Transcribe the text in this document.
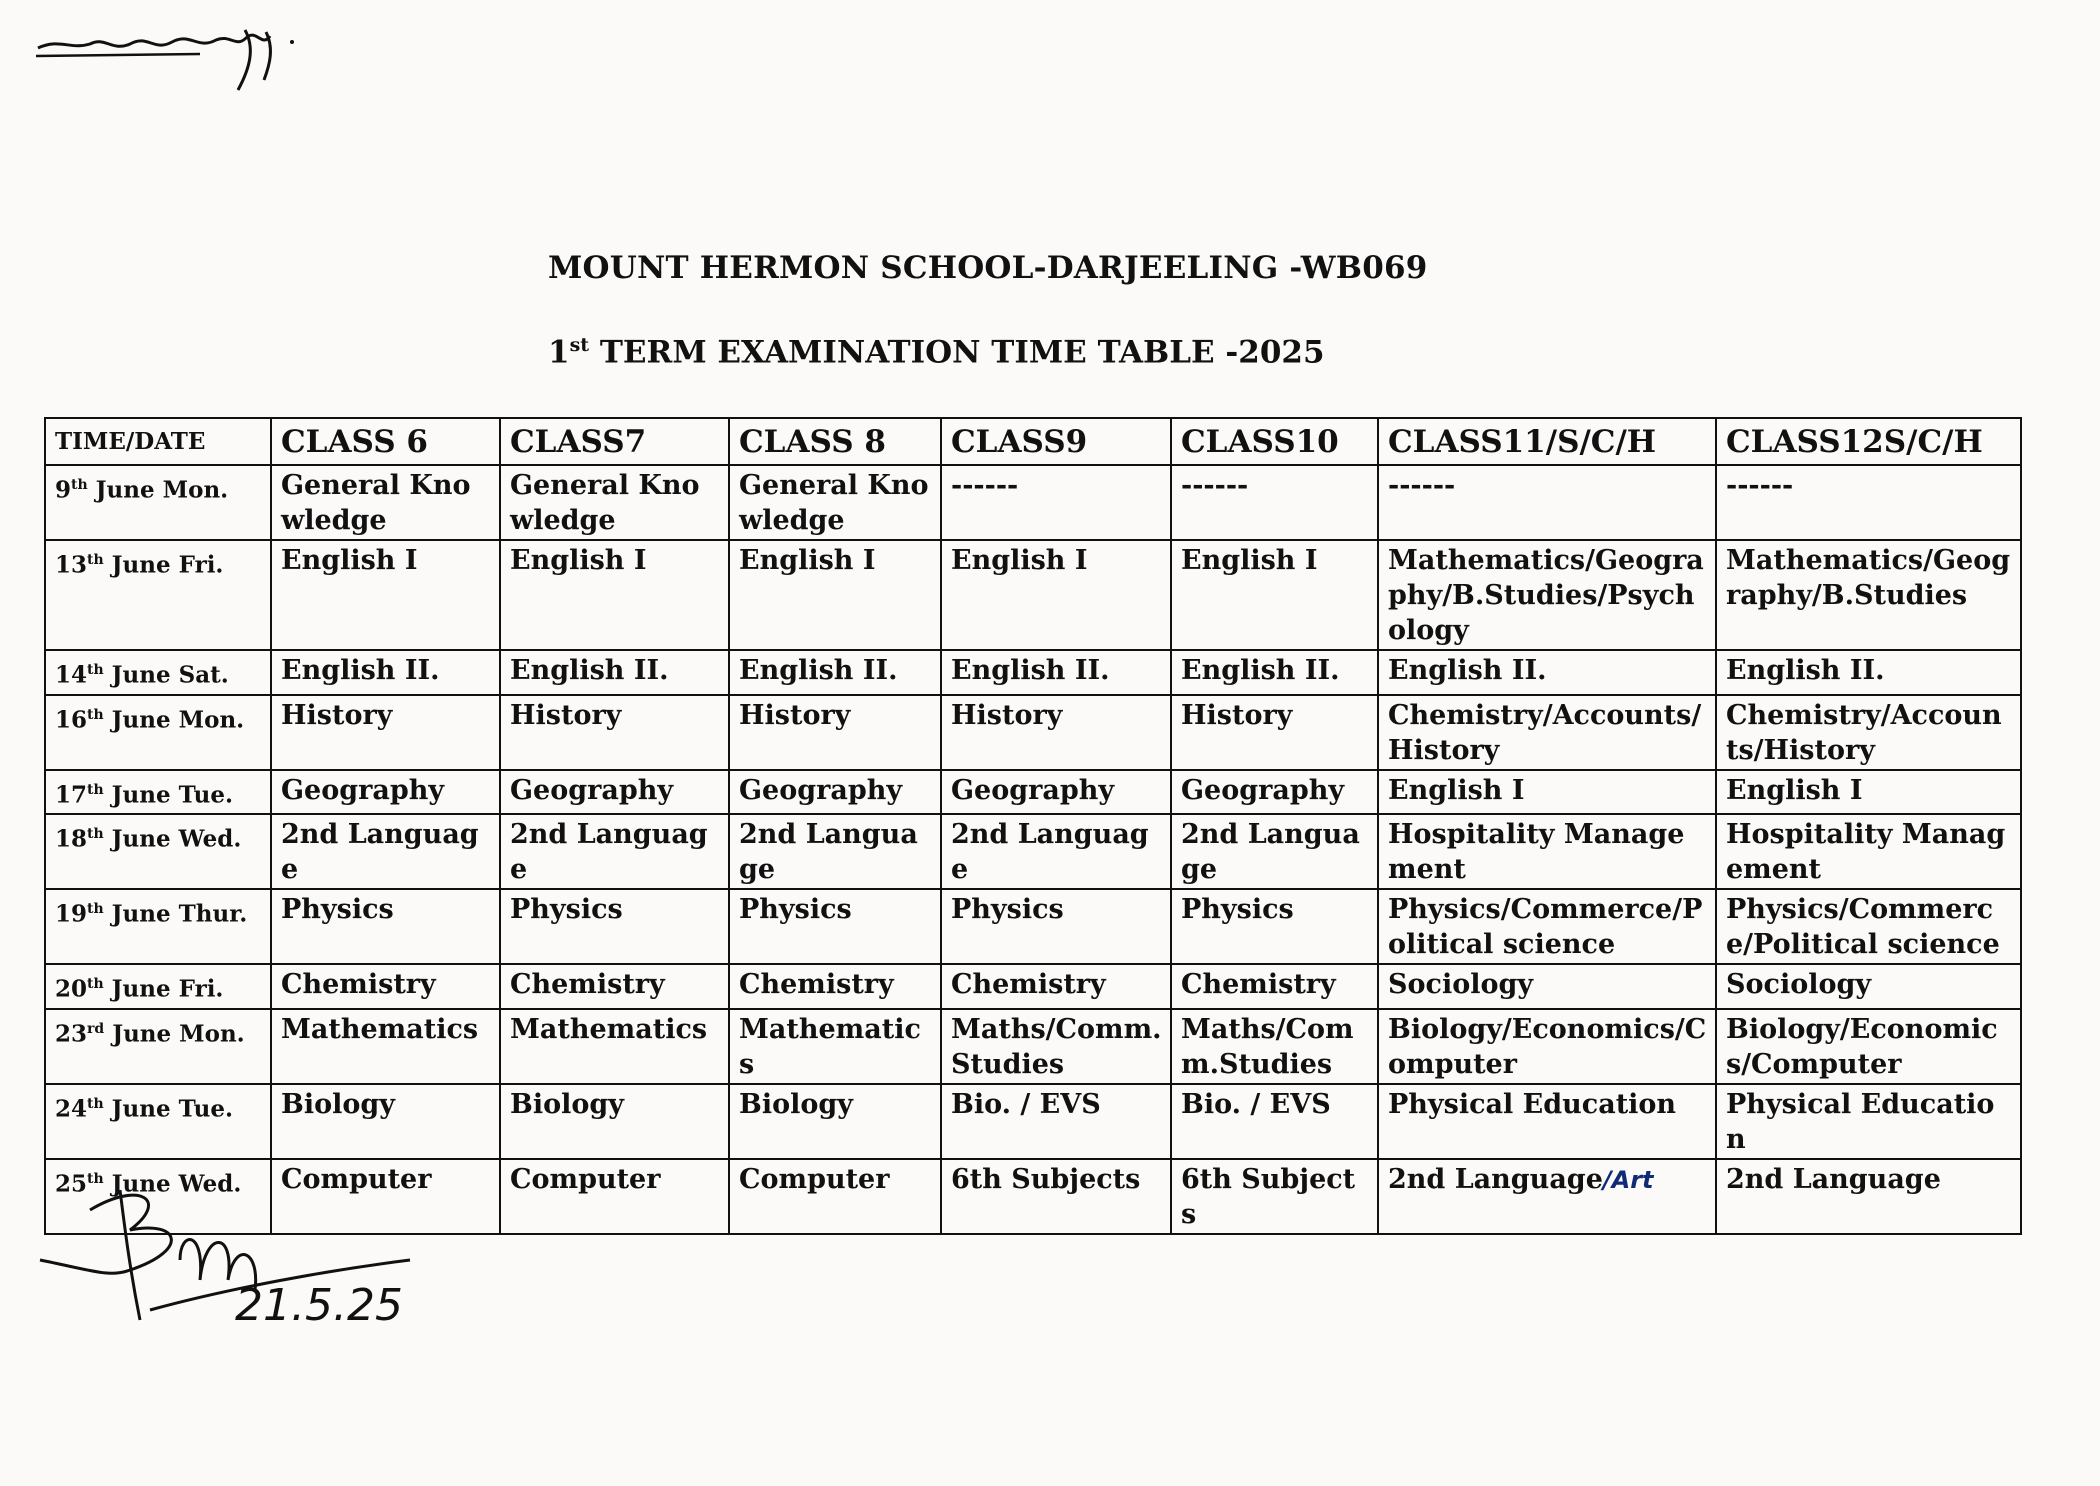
MOUNT HERMON SCHOOL-DARJEELING -WB069
1st TERM EXAMINATION TIME TABLE -2025
TIME/DATE	CLASS 6	CLASS7	CLASS 8	CLASS9	CLASS10	CLASS11/S/C/H	CLASS12S/C/H
9th June Mon.	General Knowledge	General Knowledge	General Knowledge	------	------	------	------
13th June Fri.	English I	English I	English I	English I	English I	Mathematics/Geography/B.Studies/Psychology	Mathematics/Geography/B.Studies
14th June Sat.	English II.	English II.	English II.	English II.	English II.	English II.	English II.
16th June Mon.	History	History	History	History	History	Chemistry/Accounts/History	Chemistry/Accounts/History
17th June Tue.	Geography	Geography	Geography	Geography	Geography	English I	English I
18th June Wed.	2nd Language	2nd Language	2nd Language	2nd Language	2nd Language	Hospitality Management	Hospitality Management
19th June Thur.	Physics	Physics	Physics	Physics	Physics	Physics/Commerce/Political science	Physics/Commerce/Political science
20th June Fri.	Chemistry	Chemistry	Chemistry	Chemistry	Chemistry	Sociology	Sociology
23rd June Mon.	Mathematics	Mathematics	Mathematics	Maths/Comm. Studies	Maths/Comm.Studies	Biology/Economics/Computer	Biology/Economics/Computer
24th June Tue.	Biology	Biology	Biology	Bio. / EVS	Bio. / EVS	Physical Education	Physical Education
25th June Wed.	Computer	Computer	Computer	6th Subjects	6th Subjects	2nd Language/Art	2nd Language
21.5.25
